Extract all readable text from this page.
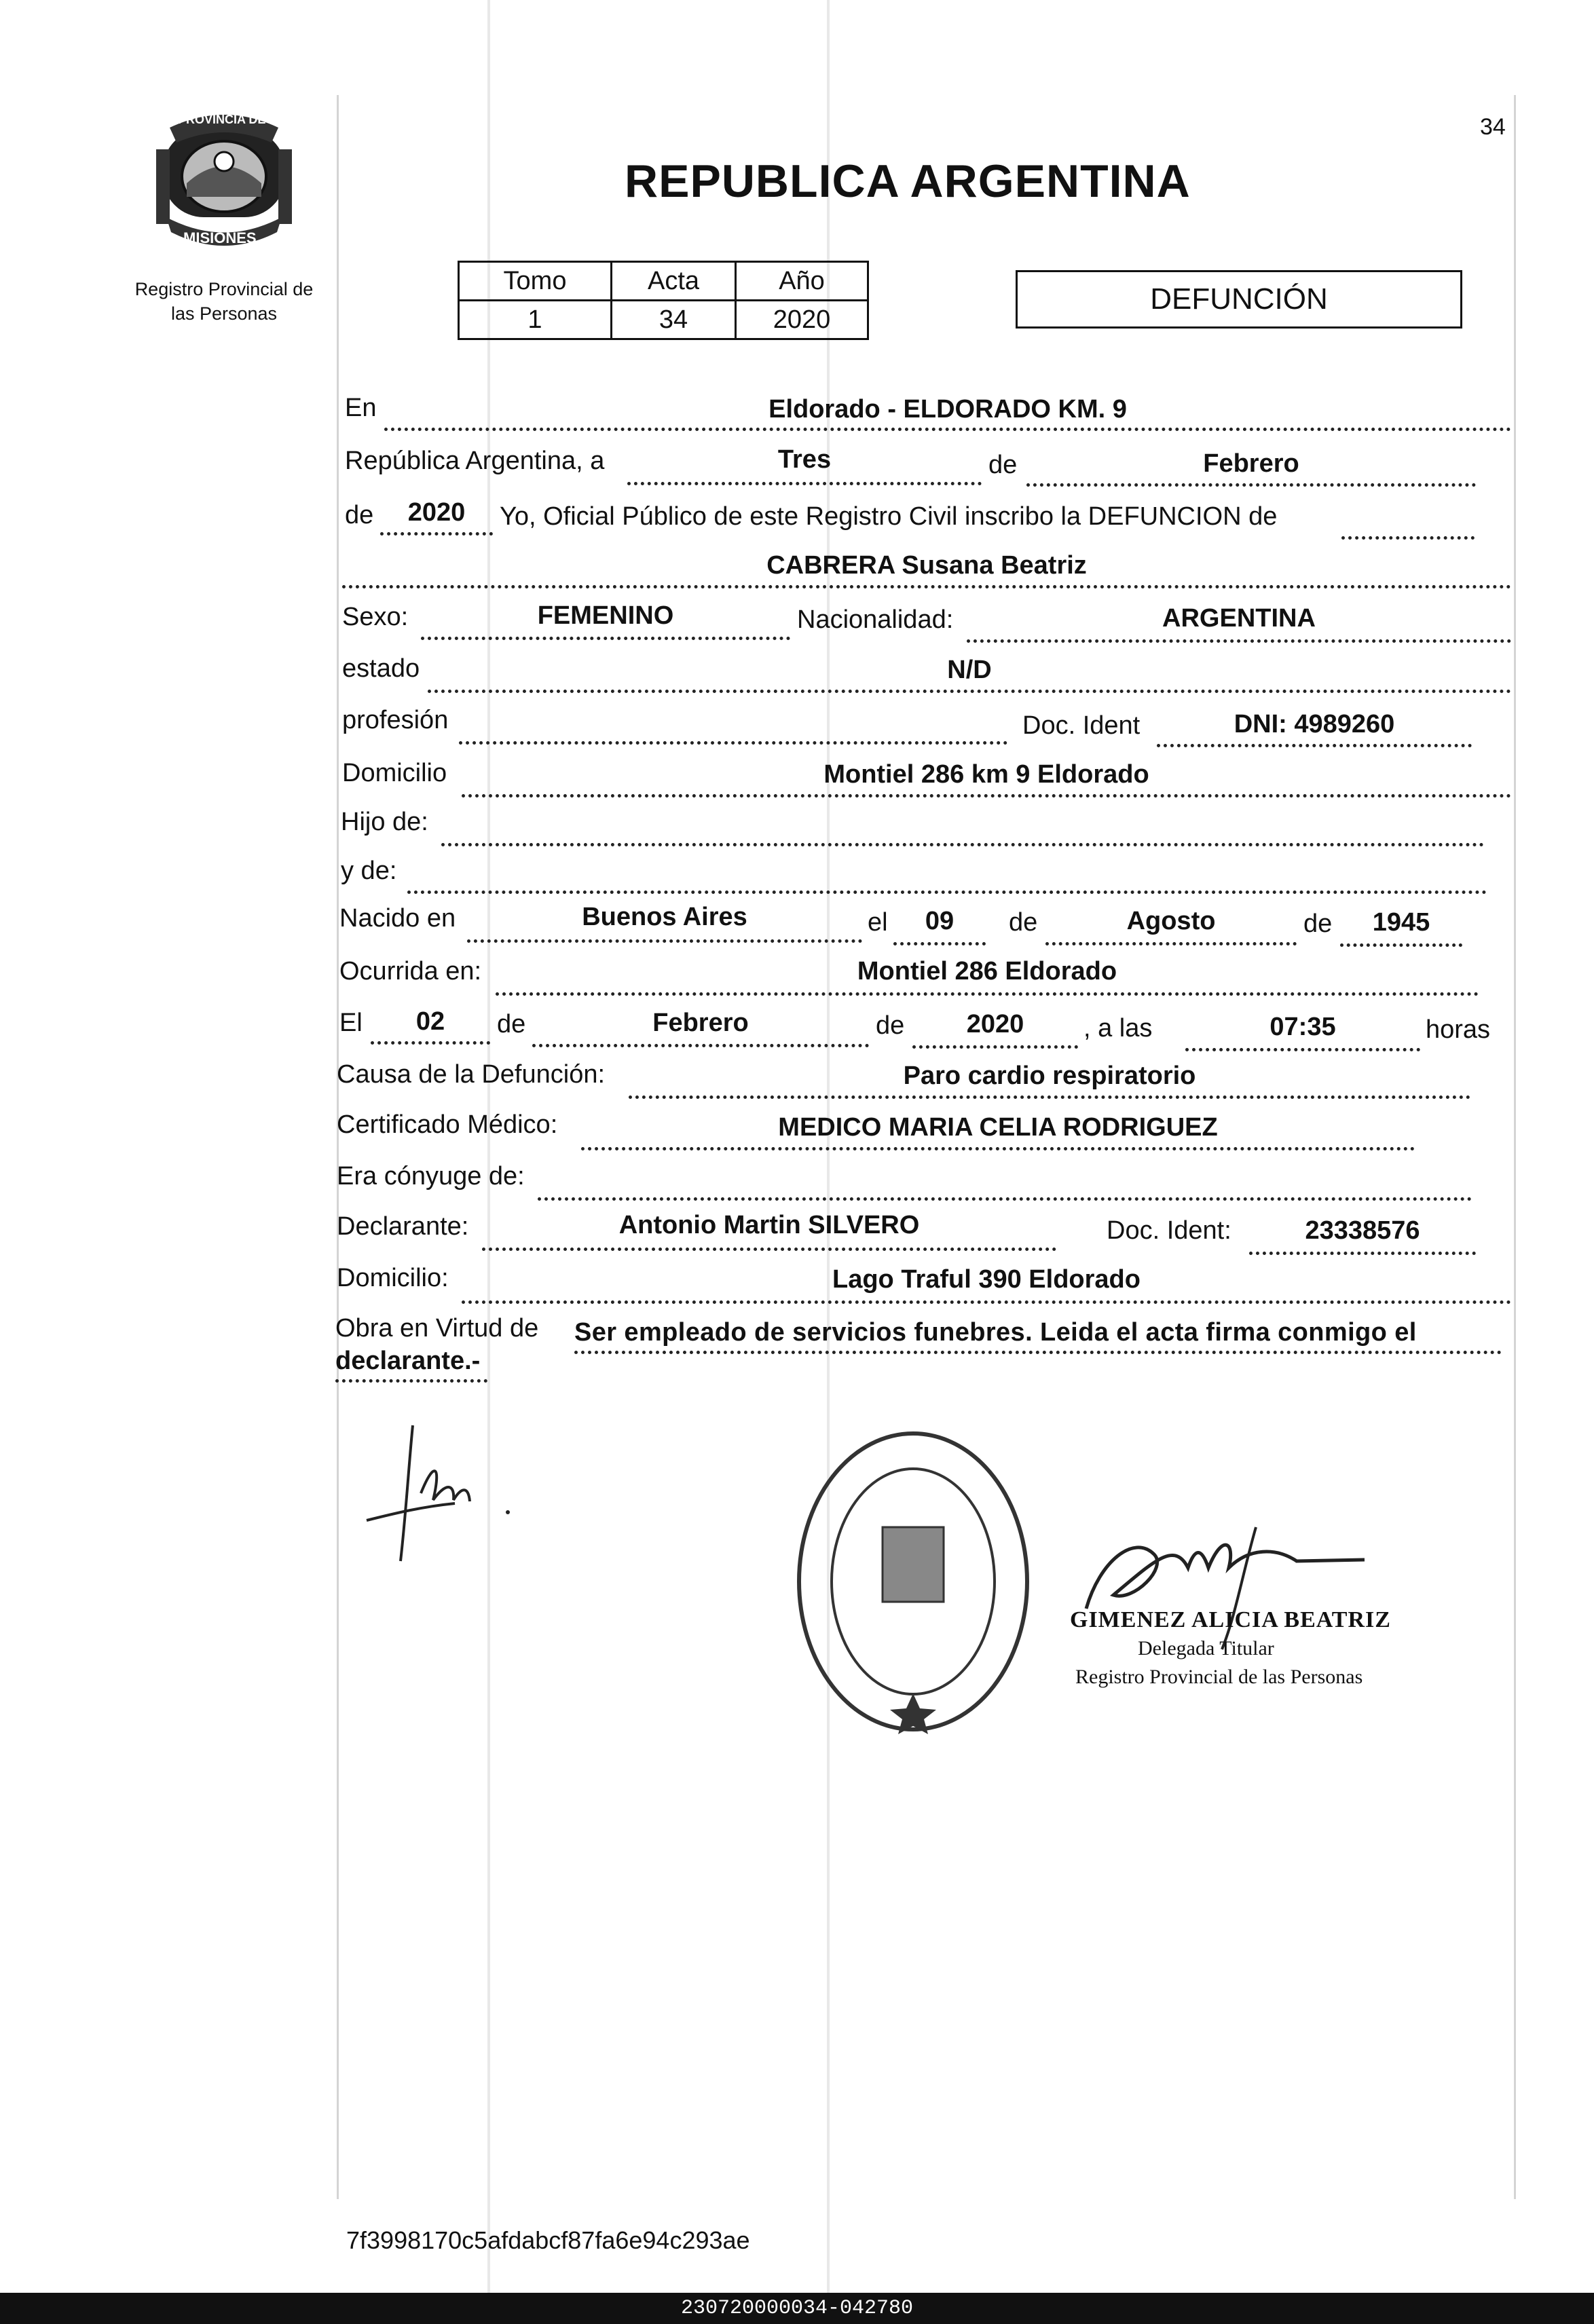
PROVINCIA DE
MISIONES
Registro Provincial de
las Personas
34
REPUBLICA ARGENTINA
Tomo	Acta	Año
1	34	2020
DEFUNCIÓN
En	Eldorado - ELDORADO KM. 9
República Argentina, a	Tres	de	Febrero
de	2020	Yo, Oficial Público de este Registro Civil inscribo la DEFUNCION de
CABRERA Susana Beatriz
Sexo:	FEMENINO	Nacionalidad:	ARGENTINA
estado	N/D
profesión	Doc. Ident	DNI: 4989260
Domicilio	Montiel 286 km 9 Eldorado
Hijo de:
y de:
Nacido en	Buenos Aires	el	09	de	Agosto	de	1945
Ocurrida en:	Montiel 286 Eldorado
El	02	de	Febrero	de	2020	, a las	07:35	horas
Causa de la Defunción:	Paro cardio respiratorio
Certificado Médico:	MEDICO MARIA CELIA RODRIGUEZ
Era cónyuge de:
Declarante:	Antonio Martin SILVERO	Doc. Ident:	23338576
Domicilio:	Lago Traful 390 Eldorado
Obra en Virtud de Ser empleado de servicios funebres. Leida el acta firma conmigo el
declarante.-
GIMENEZ ALICIA BEATRIZ
Delegada Titular
Registro Provincial de las Personas
7f3998170c5afdabcf87fa6e94c293ae
230720000034-042780
